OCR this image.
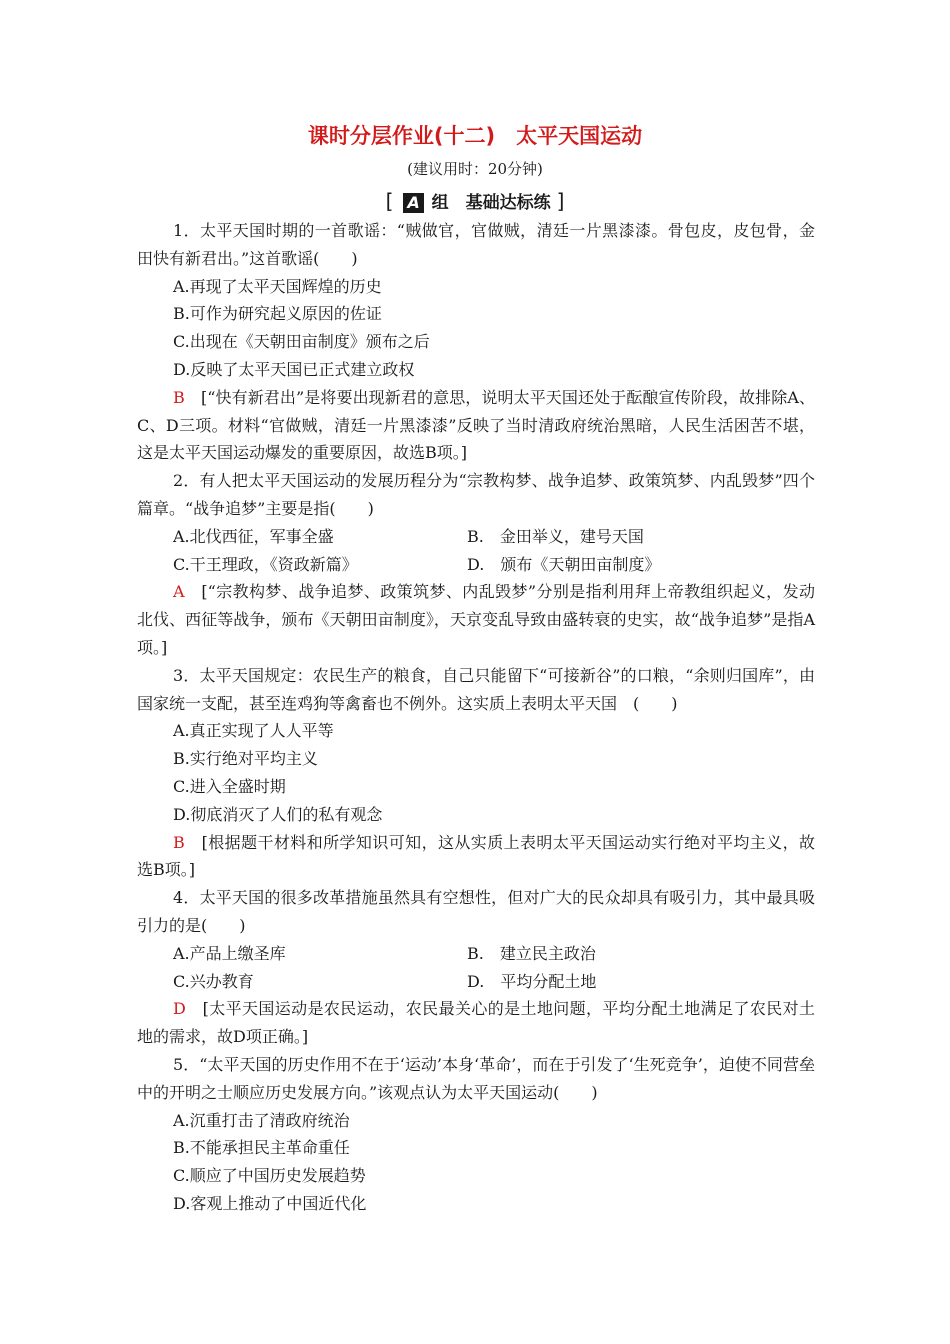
课时分层作业(十二)　太平天国运动
(建议用时：20分钟)
[ A 组　基础达标练 ]

1．太平天国时期的一首歌谣：“贼做官，官做贼，清廷一片黑漆漆。骨包皮，皮包骨，金田快有新君出。”这首歌谣(　　)

A.再现了太平天国辉煌的历史

B.可作为研究起义原因的佐证

C.出现在《天朝田亩制度》颁布之后

D.反映了太平天国已正式建立政权

B　 [“快有新君出”是将要出现新君的意思，说明太平天国还处于酝酿宣传阶段，故排除A、C、D三项。材料“官做贼，清廷一片黑漆漆”反映了当时清政府统治黑暗，人民生活困苦不堪，这是太平天国运动爆发的重要原因，故选B项。]

2．有人把太平天国运动的发展历程分为“宗教构梦、战争追梦、政策筑梦、内乱毁梦”四个篇章。“战争追梦”主要是指(　　)

A.北伐西征，军事全盛	B.　金田举义，建号天国
C.干王理政，《资政新篇》	D.　颁布《天朝田亩制度》

A　 [“宗教构梦、战争追梦、政策筑梦、内乱毁梦”分别是指利用拜上帝教组织起义，发动北伐、西征等战争，颁布《天朝田亩制度》，天京变乱导致由盛转衰的史实，故“战争追梦”是指A项。]

3．太平天国规定：农民生产的粮食，自己只能留下“可接新谷”的口粮，“余则归国库”，由国家统一支配，甚至连鸡狗等禽畜也不例外。这实质上表明太平天国　(　　)

A.真正实现了人人平等

B.实行绝对平均主义

C.进入全盛时期

D.彻底消灭了人们的私有观念

B　 [根据题干材料和所学知识可知，这从实质上表明太平天国运动实行绝对平均主义，故选B项。]

4．太平天国的很多改革措施虽然具有空想性，但对广大的民众却具有吸引力，其中最具吸引力的是(　　)

A.产品上缴圣库	B.　建立民主政治
C.兴办教育	D.　平均分配土地

D　 [太平天国运动是农民运动，农民最关心的是土地问题，平均分配土地满足了农民对土地的需求，故D项正确。]

5．“太平天国的历史作用不在于‘运动’本身‘革命’，而在于引发了‘生死竞争’，迫使不同营垒中的开明之士顺应历史发展方向。”该观点认为太平天国运动(　　)

A.沉重打击了清政府统治

B.不能承担民主革命重任

C.顺应了中国历史发展趋势

D.客观上推动了中国近代化
